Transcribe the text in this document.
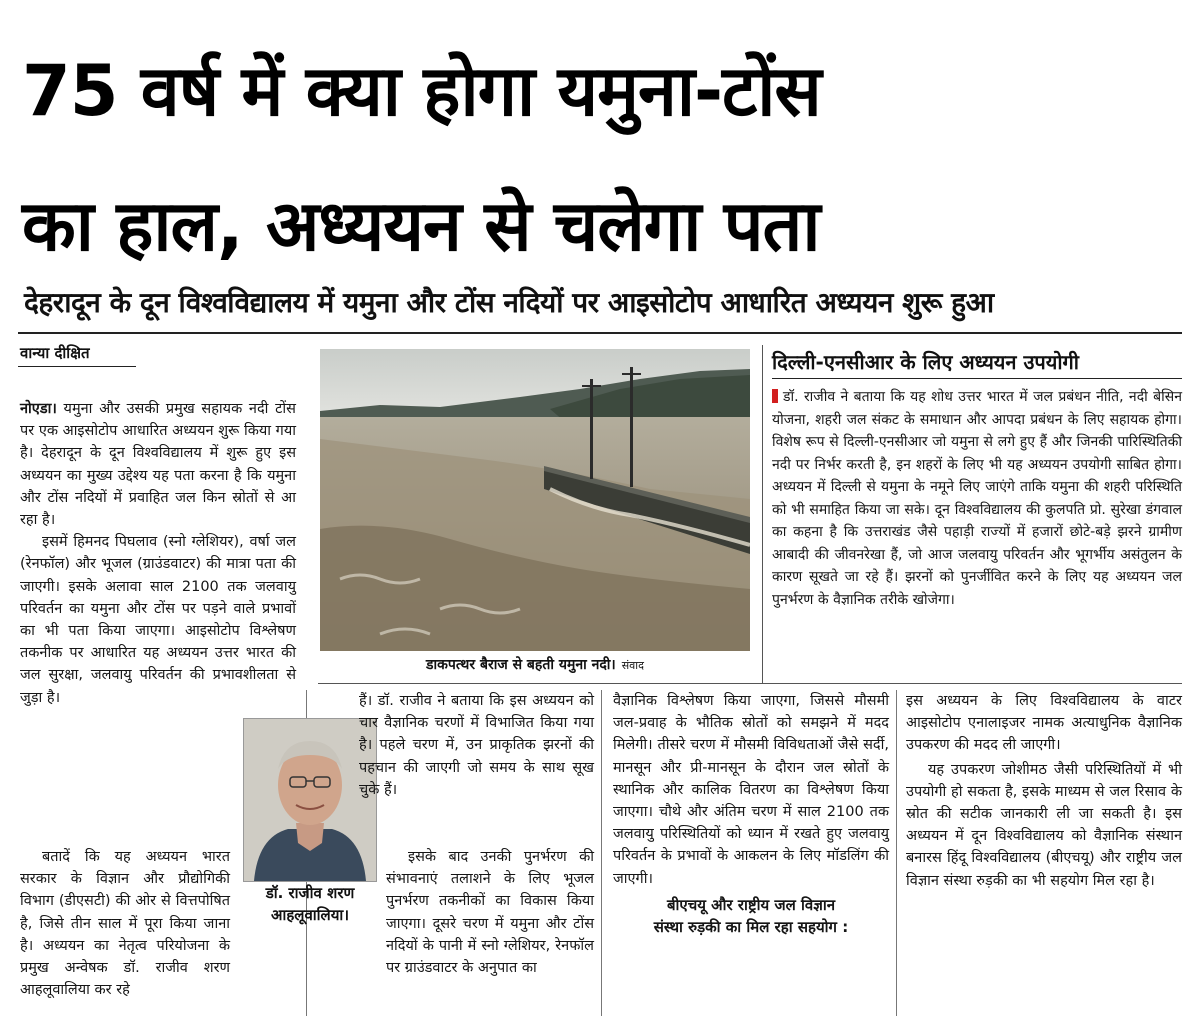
75 वर्ष में क्या होगा यमुना-टोंस
का हाल, अध्ययन से चलेगा पता
देहरादून के दून विश्वविद्यालय में यमुना और टोंस नदियों पर आइसोटोप आधारित अध्ययन शुरू हुआ
वान्या दीक्षित
डाकपत्थर बैराज से बहती यमुना नदी। संवाद

नोएडा। यमुना और उसकी प्रमुख सहायक नदी टोंस पर एक आइसोटोप आधारित अध्ययन शुरू किया गया है। देहरादून के दून विश्वविद्यालय में शुरू हुए इस अध्ययन का मुख्य उद्देश्य यह पता करना है कि यमुना और टोंस नदियों में प्रवाहित जल किन स्रोतों से आ रहा है।

इसमें हिमनद पिघलाव (स्नो ग्लेशियर), वर्षा जल (रेनफॉल) और भूजल (ग्राउंडवाटर) की मात्रा पता की जाएगी। इसके अलावा साल 2100 तक जलवायु परिवर्तन का यमुना और टोंस पर पड़ने वाले प्रभावों का भी पता किया जाएगा। आइसोटोप विश्लेषण तकनीक पर आधारित यह अध्ययन उत्तर भारत की जल सुरक्षा, जलवायु परिवर्तन की प्रभावशीलता से जुड़ा है।

बतादें कि यह अध्ययन भारत सरकार के विज्ञान और प्रौद्योगिकी विभाग (डीएसटी) की ओर से वित्तपोषित है, जिसे तीन साल में पूरा किया जाना है। अध्ययन का नेतृत्व परियोजना के प्रमुख अन्वेषक डॉ. राजीव शरण आहलूवालिया कर रहे

डॉ. राजीव शरण
आहलूवालिया।

हैं। डॉ. राजीव ने बताया कि इस अध्ययन को चार वैज्ञानिक चरणों में विभाजित किया गया है। पहले चरण में, उन प्राकृतिक झरनों की पहचान की जाएगी जो समय के साथ सूख चुके हैं।

इसके बाद उनकी पुनर्भरण की संभावनाएं तलाशने के लिए भूजल पुनर्भरण तकनीकों का विकास किया जाएगा। दूसरे चरण में यमुना और टोंस नदियों के पानी में स्नो ग्लेशियर, रेनफॉल पर ग्राउंडवाटर के अनुपात का

वैज्ञानिक विश्लेषण किया जाएगा, जिससे मौसमी जल-प्रवाह के भौतिक स्रोतों को समझने में मदद मिलेगी। तीसरे चरण में मौसमी विविधताओं जैसे सर्दी, मानसून और प्री-मानसून के दौरान जल स्रोतों के स्थानिक और कालिक वितरण का विश्लेषण किया जाएगा। चौथे और अंतिम चरण में साल 2100 तक जलवायु परिस्थितियों को ध्यान में रखते हुए जलवायु परिवर्तन के प्रभावों के आकलन के लिए मॉडलिंग की जाएगी।

बीएचयू और राष्ट्रीय जल विज्ञान
संस्था रुड़की का मिल रहा सहयोग :

इस अध्ययन के लिए विश्वविद्यालय के वाटर आइसोटोप एनालाइजर नामक अत्याधुनिक वैज्ञानिक उपकरण की मदद ली जाएगी।

यह उपकरण जोशीमठ जैसी परिस्थितियों में भी उपयोगी हो सकता है, इसके माध्यम से जल रिसाव के स्रोत की सटीक जानकारी ली जा सकती है। इस अध्ययन में दून विश्वविद्यालय को वैज्ञानिक संस्थान बनारस हिंदू विश्वविद्यालय (बीएचयू) और राष्ट्रीय जल विज्ञान संस्था रुड़की का भी सहयोग मिल रहा है।

दिल्ली-एनसीआर के लिए अध्ययन उपयोगी

डॉ. राजीव ने बताया कि यह शोध उत्तर भारत में जल प्रबंधन नीति, नदी बेसिन योजना, शहरी जल संकट के समाधान और आपदा प्रबंधन के लिए सहायक होगा। विशेष रूप से दिल्ली-एनसीआर जो यमुना से लगे हुए हैं और जिनकी पारिस्थितिकी नदी पर निर्भर करती है, इन शहरों के लिए भी यह अध्ययन उपयोगी साबित होगा। अध्ययन में दिल्ली से यमुना के नमूने लिए जाएंगे ताकि यमुना की शहरी परिस्थिति को भी समाहित किया जा सके। दून विश्वविद्यालय की कुलपति प्रो. सुरेखा डंगवाल का कहना है कि उत्तराखंड जैसे पहाड़ी राज्यों में हजारों छोटे-बड़े झरने ग्रामीण आबादी की जीवनरेखा हैं, जो आज जलवायु परिवर्तन और भूगर्भीय असंतुलन के कारण सूखते जा रहे हैं। झरनों को पुनर्जीवित करने के लिए यह अध्ययन जल पुनर्भरण के वैज्ञानिक तरीके खोजेगा।
